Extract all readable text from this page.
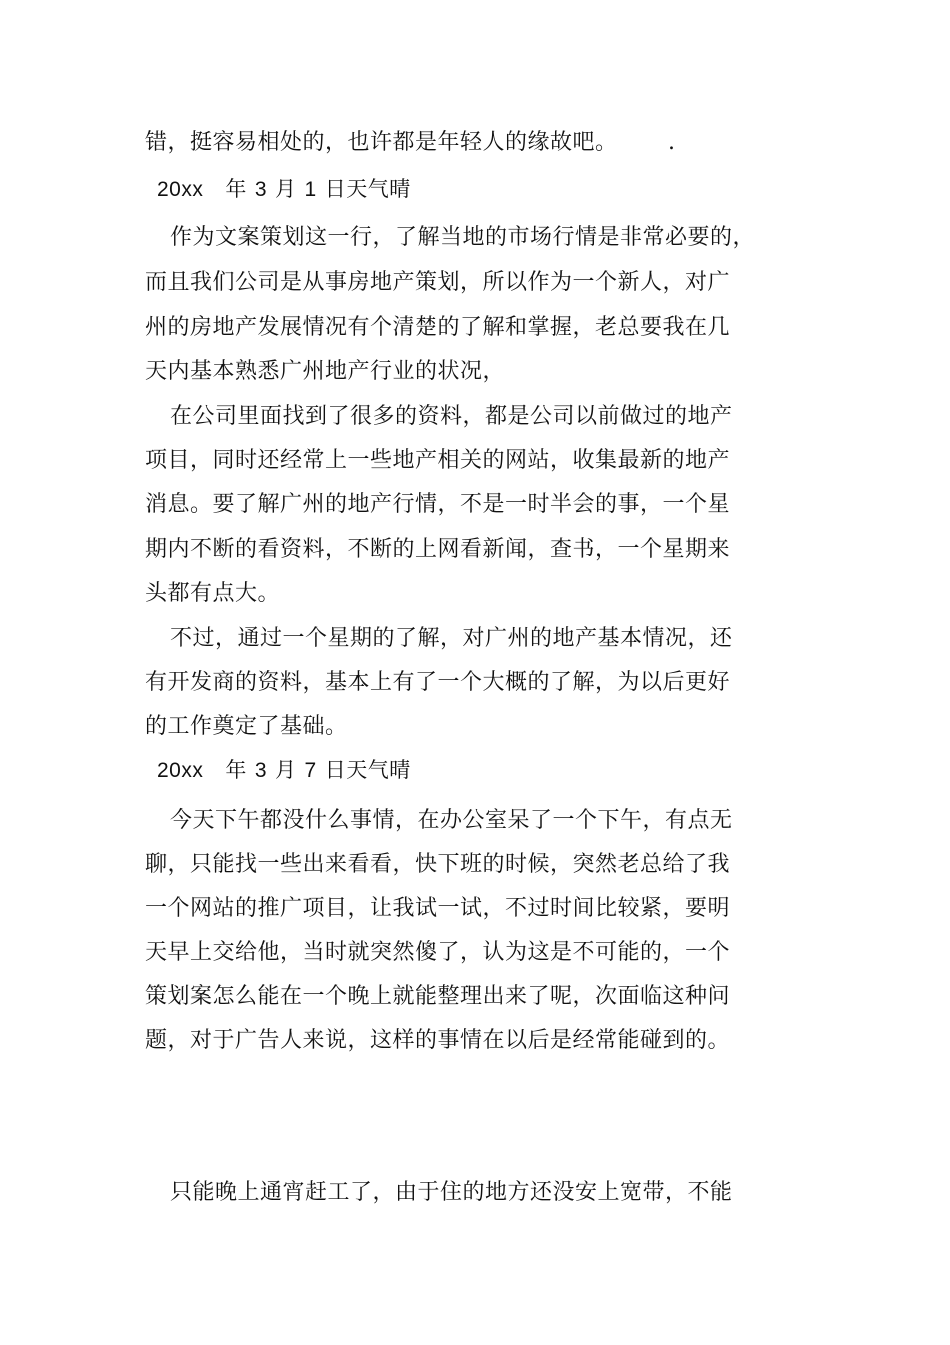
错，挺容易相处的，也许都是年轻人的缘故吧。 .
20xx 年 3 月 1 日天气晴
作为文案策划这一行，了解当地的市场行情是非常必要的，
而且我们公司是从事房地产策划，所以作为一个新人，对广
州的房地产发展情况有个清楚的了解和掌握，老总要我在几
天内基本熟悉广州地产行业的状况，
在公司里面找到了很多的资料，都是公司以前做过的地产
项目，同时还经常上一些地产相关的网站，收集最新的地产
消息。要了解广州的地产行情，不是一时半会的事，一个星
期内不断的看资料，不断的上网看新闻，查书，一个星期来
头都有点大。
不过，通过一个星期的了解，对广州的地产基本情况，还
有开发商的资料，基本上有了一个大概的了解，为以后更好
的工作奠定了基础。
20xx 年 3 月 7 日天气晴
今天下午都没什么事情，在办公室呆了一个下午，有点无
聊，只能找一些出来看看，快下班的时候，突然老总给了我
一个网站的推广项目，让我试一试，不过时间比较紧，要明
天早上交给他，当时就突然傻了，认为这是不可能的，一个
策划案怎么能在一个晚上就能整理出来了呢，次面临这种问
题，对于广告人来说，这样的事情在以后是经常能碰到的。
只能晚上通宵赶工了，由于住的地方还没安上宽带，不能
